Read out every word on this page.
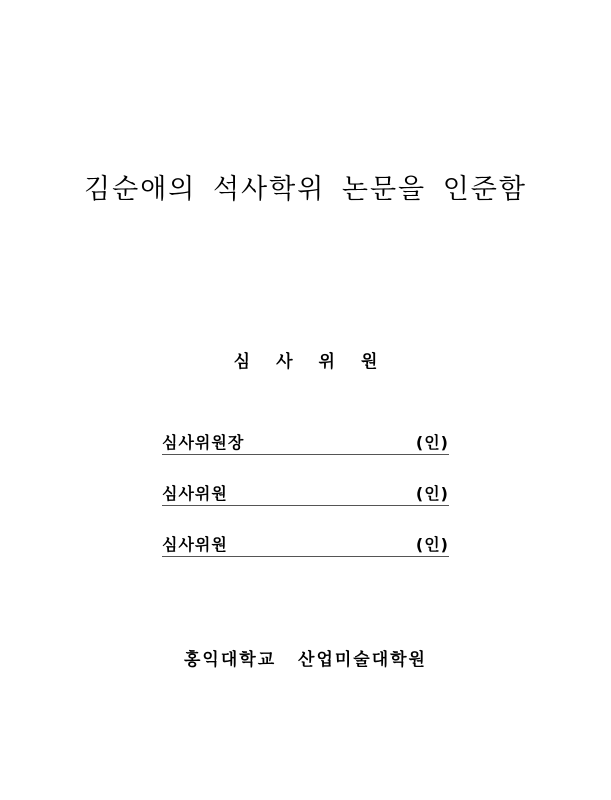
김순애의 석사학위 논문을 인준함
심 사 위 원
심사위원장	(인)
심사위원	(인)
심사위원	(인)
홍익대학교 산업미술대학원
